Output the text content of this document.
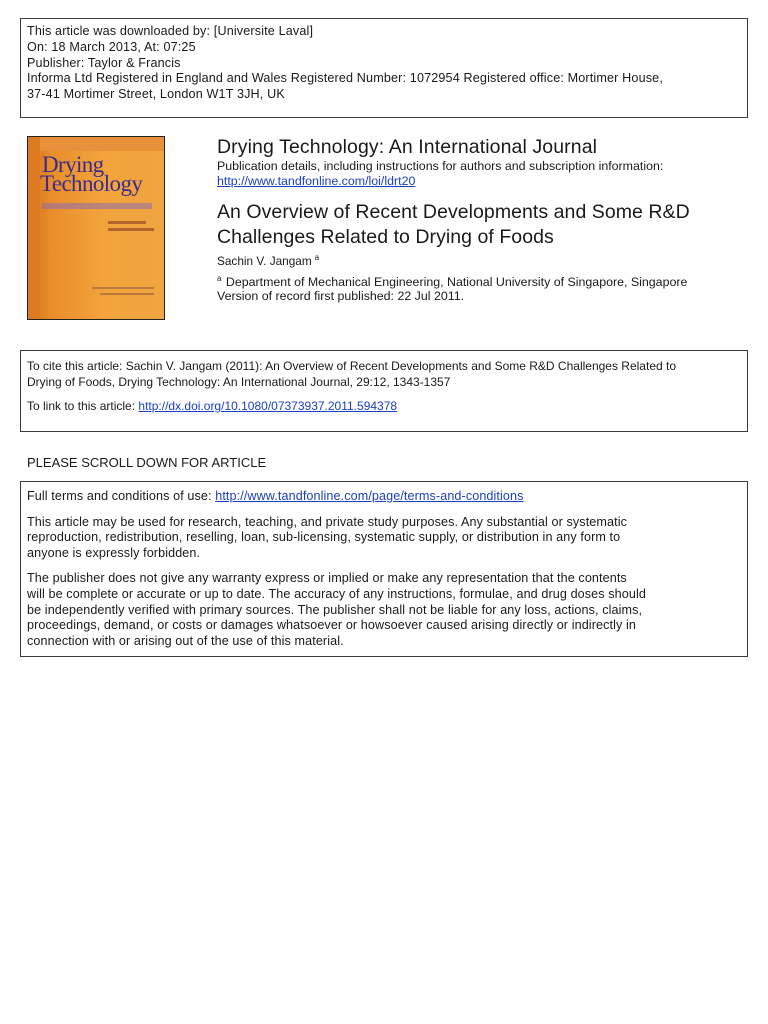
This article was downloaded by: [Universite Laval]
On: 18 March 2013, At: 07:25
Publisher: Taylor & Francis
Informa Ltd Registered in England and Wales Registered Number: 1072954 Registered office: Mortimer House,
37-41 Mortimer Street, London W1T 3JH, UK
Drying
Technology
Drying Technology: An International Journal
Publication details, including instructions for authors and subscription information:
http://www.tandfonline.com/loi/ldrt20
An Overview of Recent Developments and Some R&D
Challenges Related to Drying of Foods
Sachin V. Jangam $^a$
$^a$ Department of Mechanical Engineering, National University of Singapore, Singapore
Version of record first published: 22 Jul 2011.
To cite this article: Sachin V. Jangam (2011): An Overview of Recent Developments and Some R&D Challenges Related to
Drying of Foods, Drying Technology: An International Journal, 29:12, 1343-1357
To link to this article: http://dx.doi.org/10.1080/07373937.2011.594378
PLEASE SCROLL DOWN FOR ARTICLE
Full terms and conditions of use: http://www.tandfonline.com/page/terms-and-conditions
This article may be used for research, teaching, and private study purposes. Any substantial or systematic
reproduction, redistribution, reselling, loan, sub-licensing, systematic supply, or distribution in any form to
anyone is expressly forbidden.
The publisher does not give any warranty express or implied or make any representation that the contents
will be complete or accurate or up to date. The accuracy of any instructions, formulae, and drug doses should
be independently verified with primary sources. The publisher shall not be liable for any loss, actions, claims,
proceedings, demand, or costs or damages whatsoever or howsoever caused arising directly or indirectly in
connection with or arising out of the use of this material.
